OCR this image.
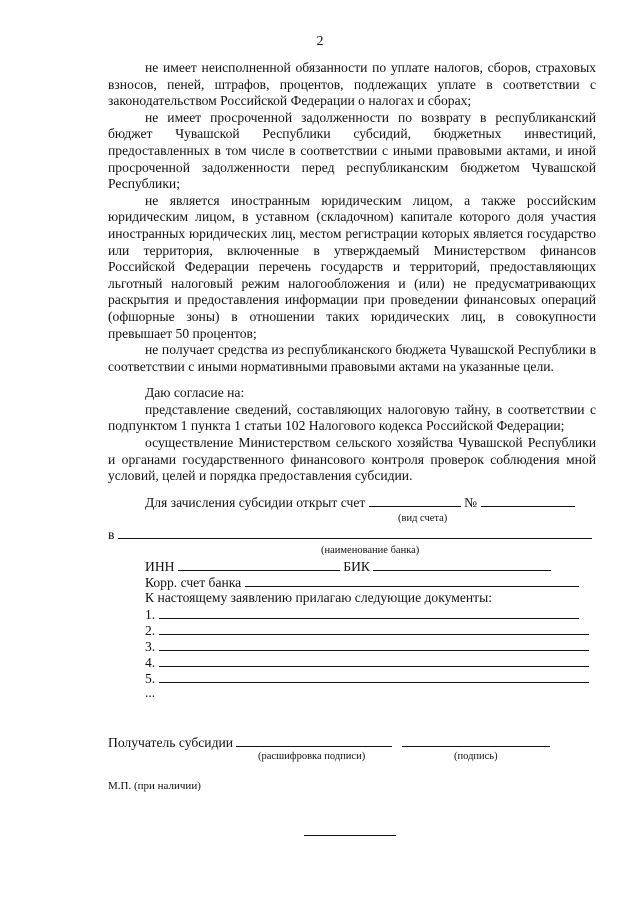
2

не имеет неисполненной обязанности по уплате налогов, сборов, страховых взносов, пеней, штрафов, процентов, подлежащих уплате в соответствии с законодательством Российской Федерации о налогах и сборах;

не имеет просроченной задолженности по возврату в республиканский бюджет Чувашской Республики субсидий, бюджетных инвестиций, предоставленных в том числе в соответствии с иными правовыми актами, и иной просроченной задолженности перед республиканским бюджетом Чувашской Республики;

не является иностранным юридическим лицом, а также российским юридическим лицом, в уставном (складочном) капитале которого доля участия иностранных юридических лиц, местом регистрации которых является государство или территория, включенные в утверждаемый Министерством финансов Российской Федерации перечень государств и территорий, предоставляющих льготный налоговый режим налогообложения и (или) не предусматривающих раскрытия и предоставления информации при проведении финансовых операций (офшорные зоны) в отношении таких юридических лиц, в совокупности превышает 50 процентов;

не получает средства из республиканского бюджета Чувашской Республики в соответствии с иными нормативными правовыми актами на указанные цели.

Даю согласие на:

представление сведений, составляющих налоговую тайну, в соответствии с подпунктом 1 пункта 1 статьи 102 Налогового кодекса Российской Федерации;

осуществление Министерством сельского хозяйства Чувашской Республики и органами государственного финансового контроля проверок соблюдения мной условий, целей и порядка предоставления субсидии.

Для зачисления субсидии открыт счет	№
(вид счета)
в
(наименование банка)
ИНН	БИК
Корр. счет банка
К настоящему заявлению прилагаю следующие документы:
1.
2.
3.
4.
5.
...
Получатель субсидии
(расшифровка подписи)	(подпись)
М.П. (при наличии)
